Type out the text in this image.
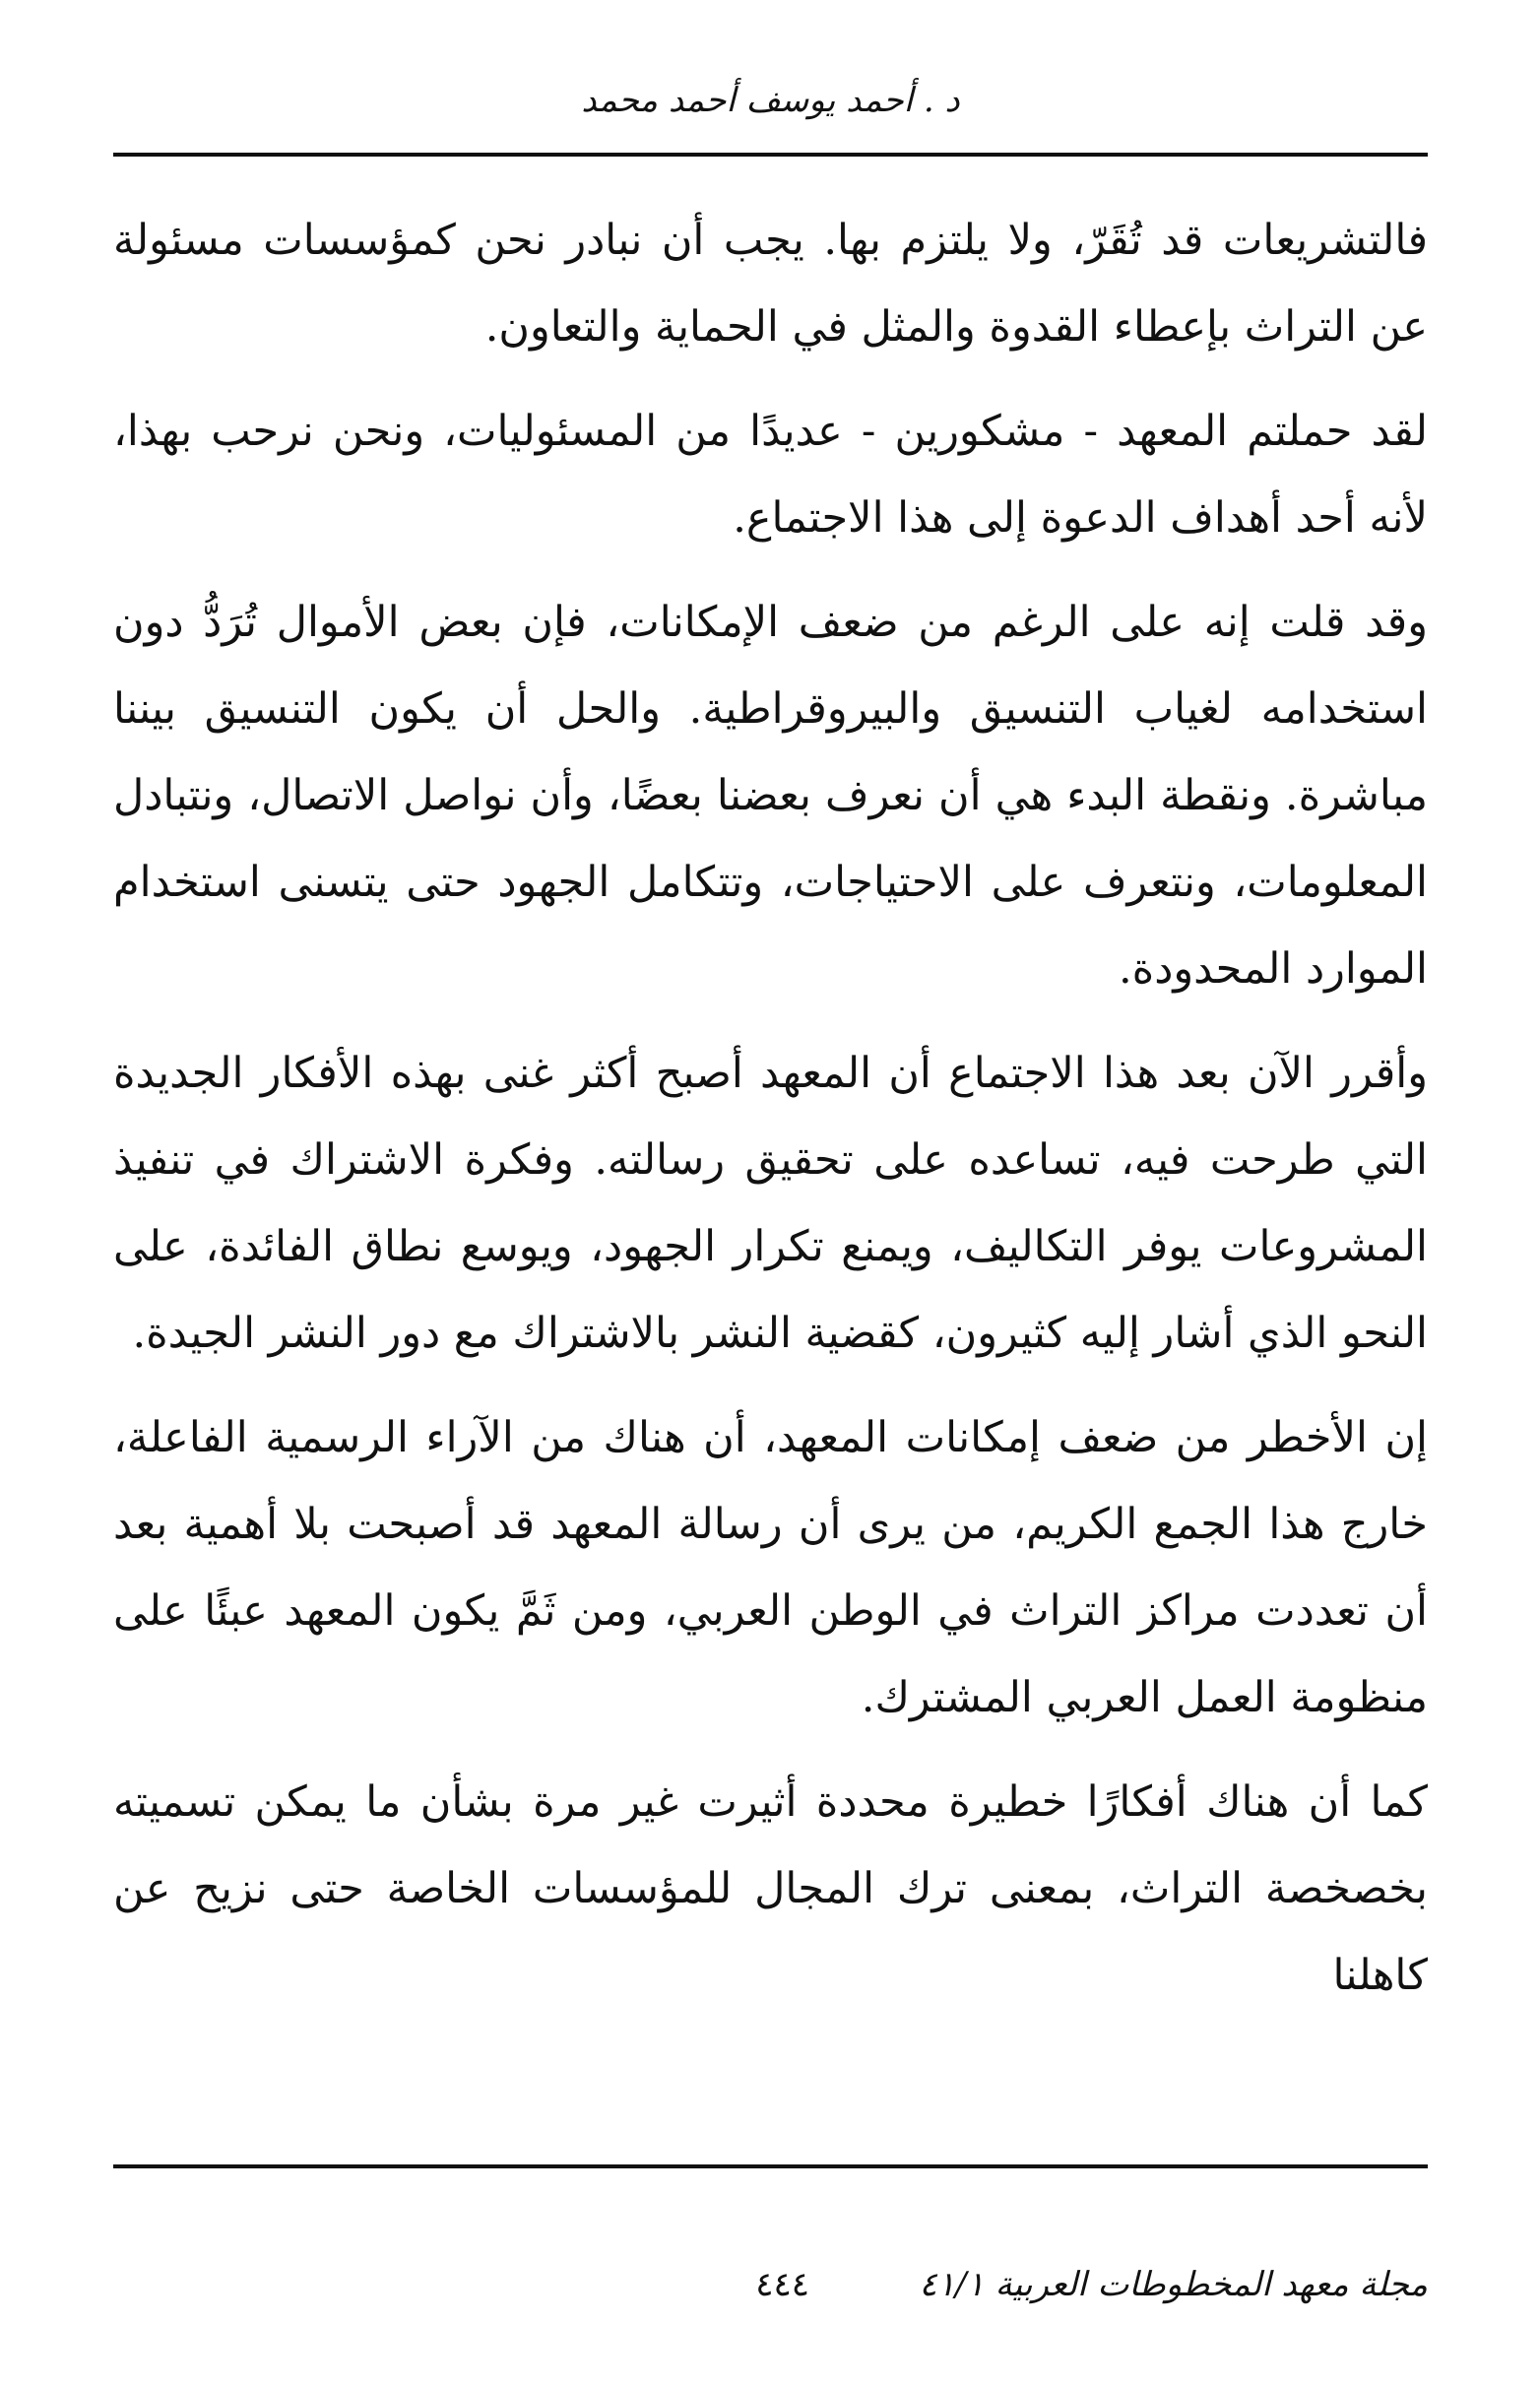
د . أحمد يوسف أحمد محمد

فالتشريعات قد تُقَرّ، ولا يلتزم بها. يجب أن نبادر نحن كمؤسسات مسئولة عن التراث بإعطاء القدوة والمثل في الحماية والتعاون.

لقد حملتم المعهد - مشكورين - عديدًا من المسئوليات، ونحن نرحب بهذا، لأنه أحد أهداف الدعوة إلى هذا الاجتماع.

وقد قلت إنه على الرغم من ضعف الإمكانات، فإن بعض الأموال تُرَدُّ دون استخدامه لغياب التنسيق والبيروقراطية. والحل أن يكون التنسيق بيننا مباشرة. ونقطة البدء هي أن نعرف بعضنا بعضًا، وأن نواصل الاتصال، ونتبادل المعلومات، ونتعرف على الاحتياجات، وتتكامل الجهود حتى يتسنى استخدام الموارد المحدودة.

وأقرر الآن بعد هذا الاجتماع أن المعهد أصبح أكثر غنى بهذه الأفكار الجديدة التي طرحت فيه، تساعده على تحقيق رسالته. وفكرة الاشتراك في تنفيذ المشروعات يوفر التكاليف، ويمنع تكرار الجهود، ويوسع نطاق الفائدة، على النحو الذي أشار إليه كثيرون، كقضية النشر بالاشتراك مع دور النشر الجيدة.

إن الأخطر من ضعف إمكانات المعهد، أن هناك من الآراء الرسمية الفاعلة، خارج هذا الجمع الكريم، من يرى أن رسالة المعهد قد أصبحت بلا أهمية بعد أن تعددت مراكز التراث في الوطن العربي، ومن ثَمَّ يكون المعهد عبئًا على منظومة العمل العربي المشترك.

كما أن هناك أفكارًا خطيرة محددة أثيرت غير مرة بشأن ما يمكن تسميته بخصخصة التراث، بمعنى ترك المجال للمؤسسات الخاصة حتى نزيح عن كاهلنا

مجلة معهد المخطوطات العربية ٤١/١
٤٤٤
